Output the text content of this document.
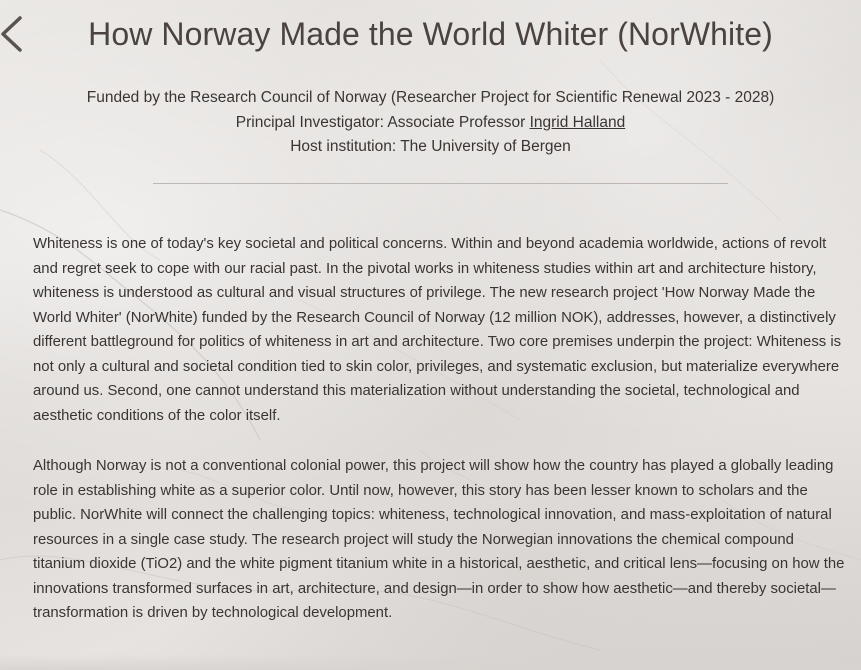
How Norway Made the World Whiter (NorWhite)
Funded by the Research Council of Norway (Researcher Project for Scientific Renewal 2023 - 2028)
Principal Investigator: Associate Professor Ingrid Halland
Host institution: The University of Bergen

Whiteness is one of today's key societal and political concerns. Within and beyond academia worldwide, actions of revolt and regret seek to cope with our racial past. In the pivotal works in whiteness studies within art and architecture history, whiteness is understood as cultural and visual structures of privilege. The new research project 'How Norway Made the World Whiter' (NorWhite) funded by the Research Council of Norway (12 million NOK), addresses, however, a distinctively different battleground for politics of whiteness in art and architecture. Two core premises underpin the project: Whiteness is not only a cultural and societal condition tied to skin color, privileges, and systematic exclusion, but materialize everywhere around us. Second, one cannot understand this materialization without understanding the societal, technological and aesthetic conditions of the color itself.

Although Norway is not a conventional colonial power, this project will show how the country has played a globally leading role in establishing white as a superior color. Until now, however, this story has been lesser known to scholars and the public. NorWhite will connect the challenging topics: whiteness, technological innovation, and mass-exploitation of natural resources in a single case study. The research project will study the Norwegian innovations the chemical compound titanium dioxide (TiO2) and the white pigment titanium white in a historical, aesthetic, and critical lens—focusing on how the innovations transformed surfaces in art, architecture, and design—in order to show how aesthetic—and thereby societal—transformation is driven by technological development.
